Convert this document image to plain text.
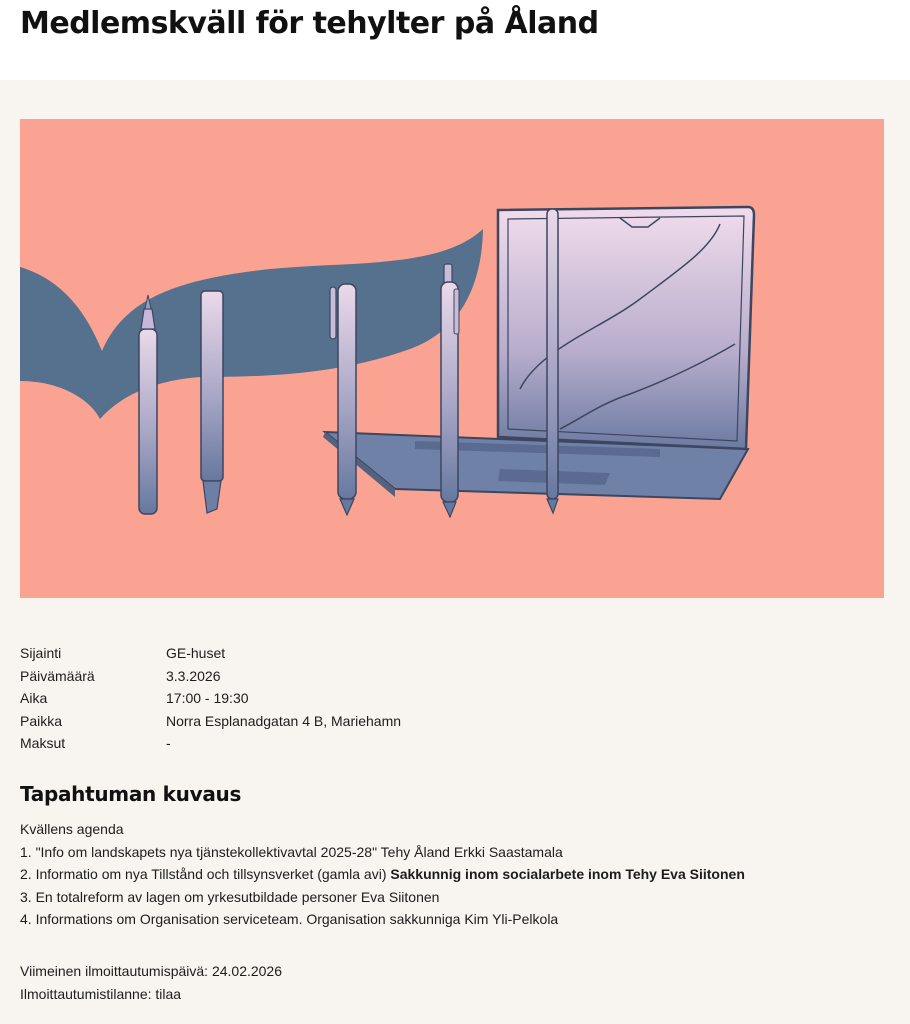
Medlemskväll för tehylter på Åland
Sijainti	GE-huset
Päivämäärä	3.3.2026
Aika	17:00 - 19:30
Paikka	Norra Esplanadgatan 4 B, Mariehamn
Maksut	-
Tapahtuman kuvaus
Kvällens agenda
1. "Info om landskapets nya tjänstekollektivavtal 2025-28" Tehy Åland Erkki Saastamala
2. Informatio om nya Tillstånd och tillsynsverket (gamla avi) Sakkunnig inom socialarbete inom Tehy Eva Siitonen
3. En totalreform av lagen om yrkesutbildade personer Eva Siitonen
4. Informations om Organisation serviceteam. Organisation sakkunniga Kim Yli-Pelkola
Viimeinen ilmoittautumispäivä: 24.02.2026
Ilmoittautumistilanne: tilaa
